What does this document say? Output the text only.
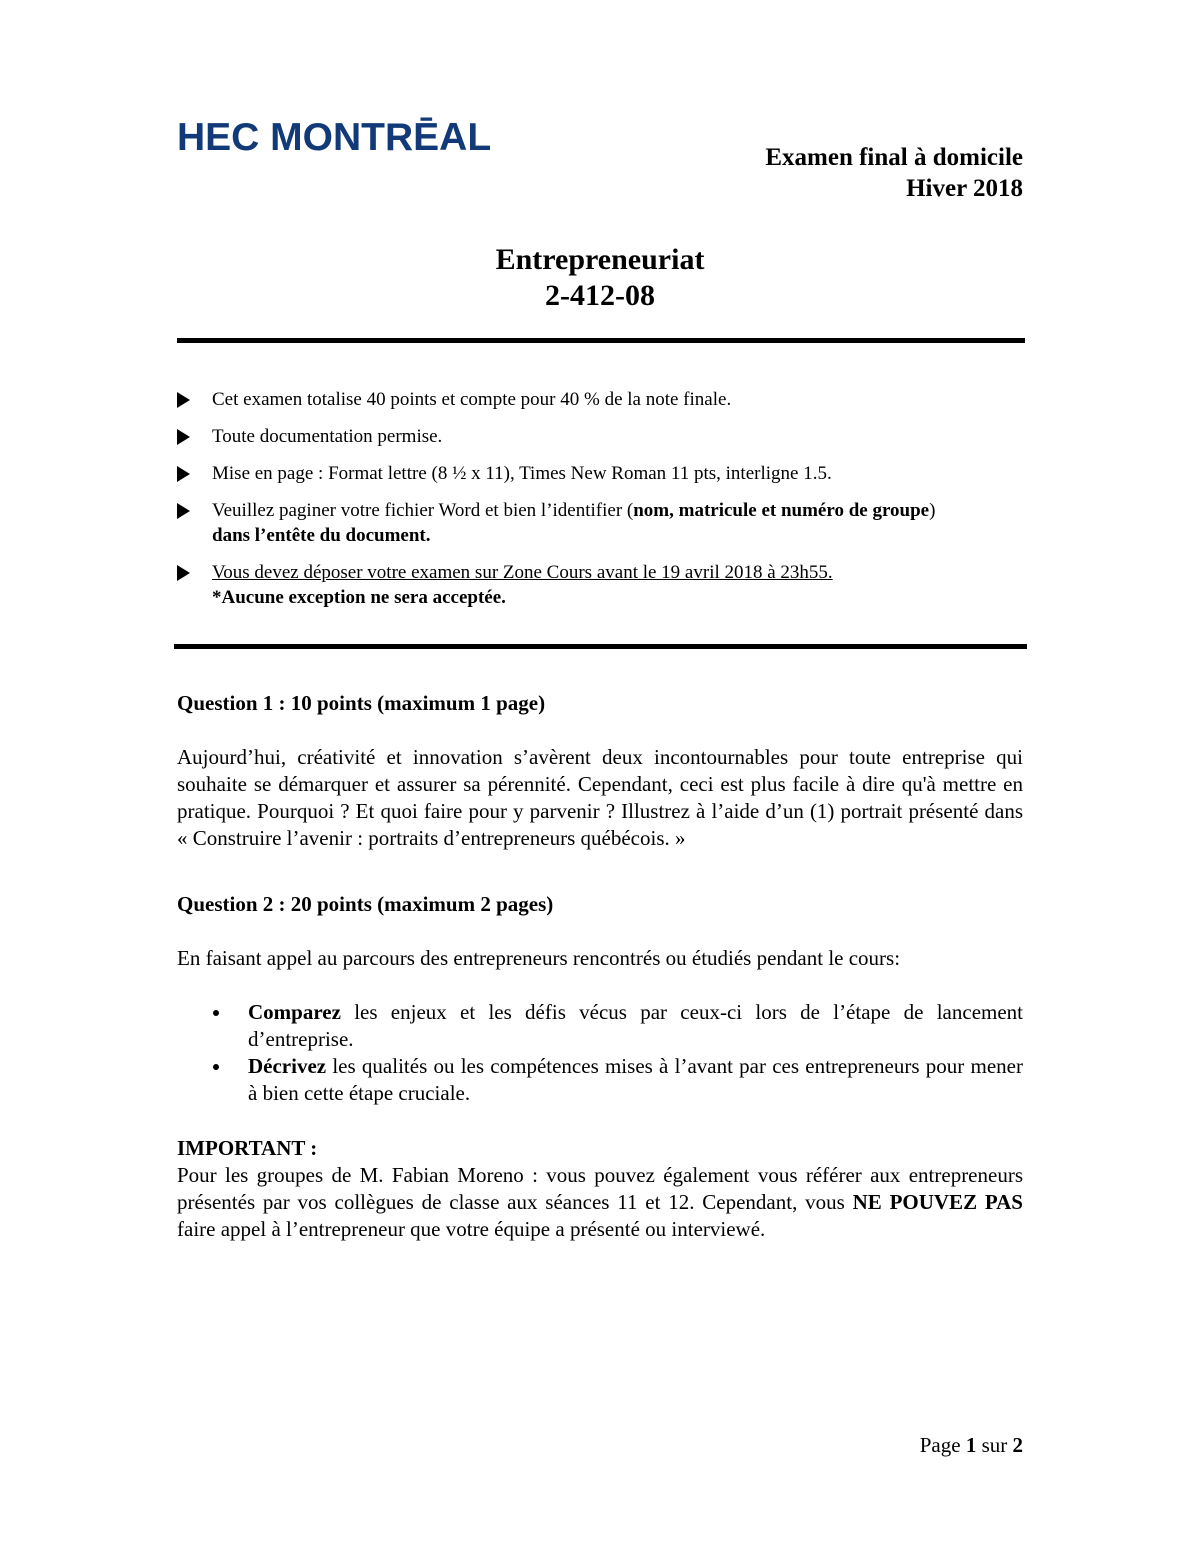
HEC MONTRĒAL	Examen final à domicile
Hiver 2018
Entrepreneuriat
2-412-08
Cet examen totalise 40 points et compte pour 40 % de la note finale.
Toute documentation permise.
Mise en page : Format lettre (8 ½ x 11), Times New Roman 11 pts, interligne 1.5.
Veuillez paginer votre fichier Word et bien l’identifier (nom, matricule et numéro de groupe)
dans l’entête du document.
Vous devez déposer votre examen sur Zone Cours avant le 19 avril 2018 à 23h55.
*Aucune exception ne sera acceptée.
Question 1 : 10 points (maximum 1 page)
Aujourd’hui, créativité et innovation s’avèrent deux incontournables pour toute entreprise qui souhaite se démarquer et assurer sa pérennité. Cependant, ceci est plus facile à dire qu'à mettre en pratique. Pourquoi ? Et quoi faire pour y parvenir ? Illustrez à l’aide d’un (1) portrait présenté dans « Construire l’avenir : portraits d’entrepreneurs québécois. »
Question 2 : 20 points (maximum 2 pages)
En faisant appel au parcours des entrepreneurs rencontrés ou étudiés pendant le cours:
Comparez les enjeux et les défis vécus par ceux-ci lors de l’étape de lancement d’entreprise.
Décrivez les qualités ou les compétences mises à l’avant par ces entrepreneurs pour mener à bien cette étape cruciale.
IMPORTANT :
Pour les groupes de M. Fabian Moreno : vous pouvez également vous référer aux entrepreneurs présentés par vos collègues de classe aux séances 11 et 12. Cependant, vous NE POUVEZ PAS faire appel à l’entrepreneur que votre équipe a présenté ou interviewé.
Page 1 sur 2
